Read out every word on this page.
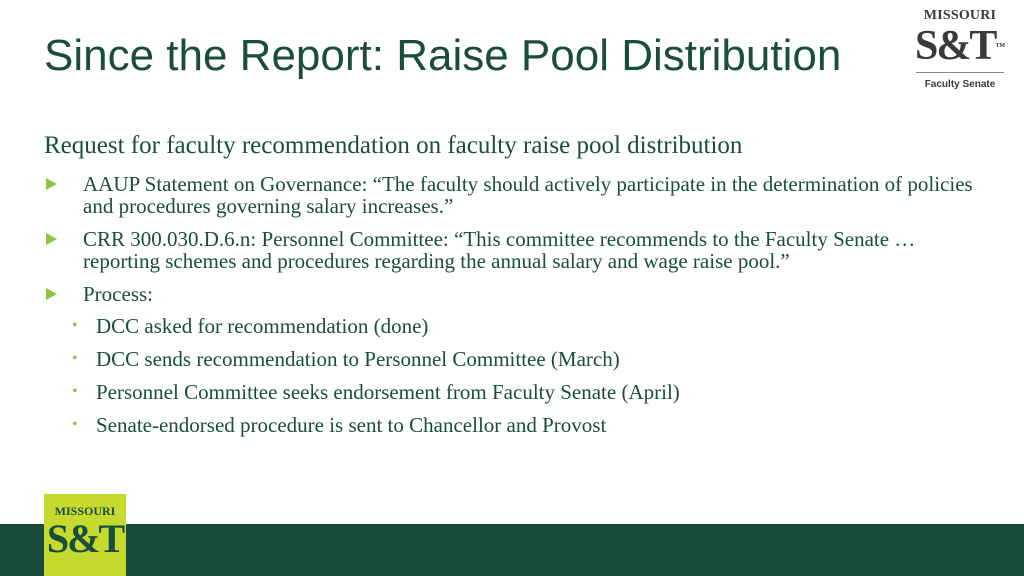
Since the Report: Raise Pool Distribution
MISSOURI
S&T™
Faculty Senate

Request for faculty recommendation on faculty raise pool distribution

AAUP Statement on Governance: “The faculty should actively participate in the determination of policies and procedures governing salary increases.”
CRR 300.030.D.6.n: Personnel Committee: “This committee recommends to the Faculty Senate … reporting schemes and procedures regarding the annual salary and wage raise pool.”
Process:
• DCC asked for recommendation (done)
• DCC sends recommendation to Personnel Committee (March)
• Personnel Committee seeks endorsement from Faculty Senate (April)
• Senate-endorsed procedure is sent to Chancellor and Provost
MISSOURI
S&T
